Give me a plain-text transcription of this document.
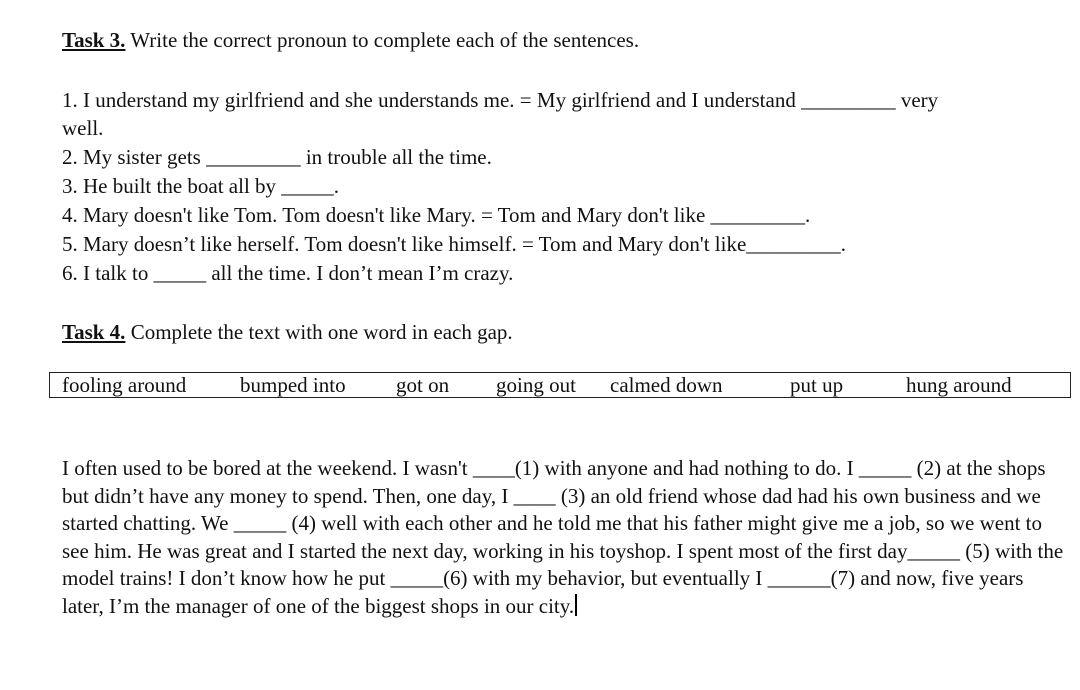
Task 3. Write the correct pronoun to complete each of the sentences.
1. I understand my girlfriend and she understands me. = My girlfriend and I understand _________ very
well.
2. My sister gets _________ in trouble all the time.
3. He built the boat all by _____.
4. Mary doesn't like Tom. Tom doesn't like Mary. = Tom and Mary don't like _________.
5. Mary doesn’t like herself. Tom doesn't like himself. = Tom and Mary don't like_________.
6. I talk to _____ all the time. I don’t mean I’m crazy.
Task 4. Complete the text with one word in each gap.
fooling around	bumped into got on going out calmed down	put up	hung around
I often used to be bored at the weekend. I wasn't ____(1) with anyone and had nothing to do. I _____ (2) at the shops but didn’t have any money to spend. Then, one day, I ____ (3) an old friend whose dad had his own business and we started chatting. We _____ (4) well with each other and he told me that his father might give me a job, so we went to see him. He was great and I started the next day, working in his toyshop. I spent most of the first day_____ (5) with the model trains! I don’t know how he put _____(6) with my behavior, but eventually I ______(7) and now, five years later, I’m the manager of one of the biggest shops in our city.
